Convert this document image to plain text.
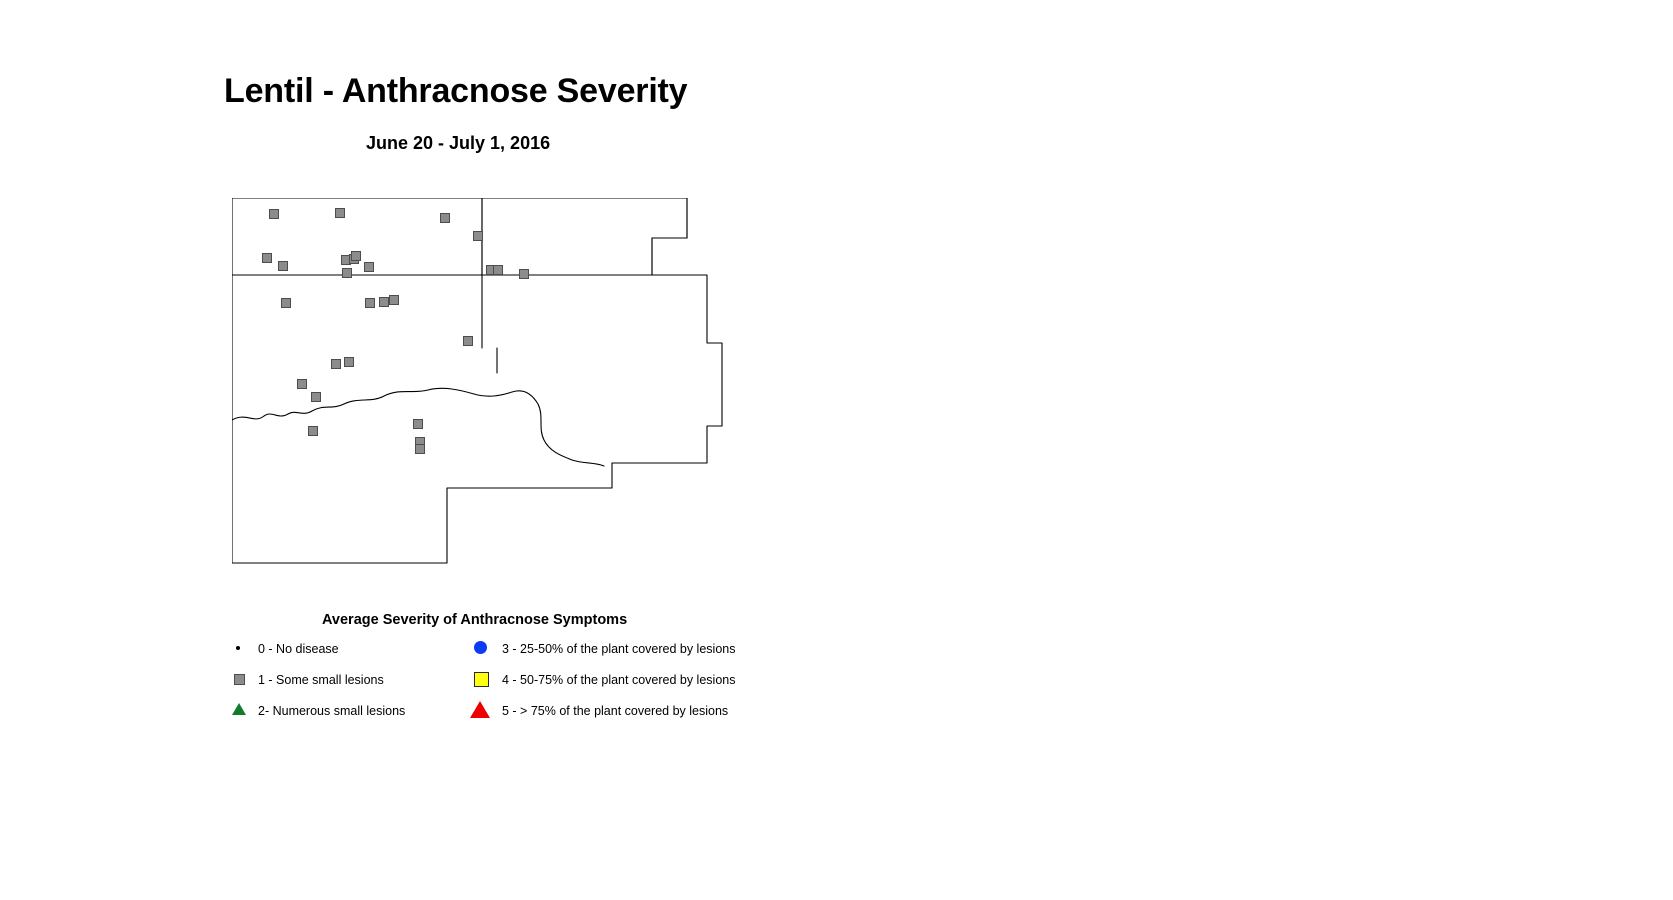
Lentil - Anthracnose Severity
June 20 - July 1, 2016
Average Severity of Anthracnose Symptoms
0 - No disease
1 - Some small lesions
2- Numerous small lesions
3 - 25-50% of the plant covered by lesions
4 - 50-75% of the plant covered by lesions
5 - > 75% of the plant covered by lesions
